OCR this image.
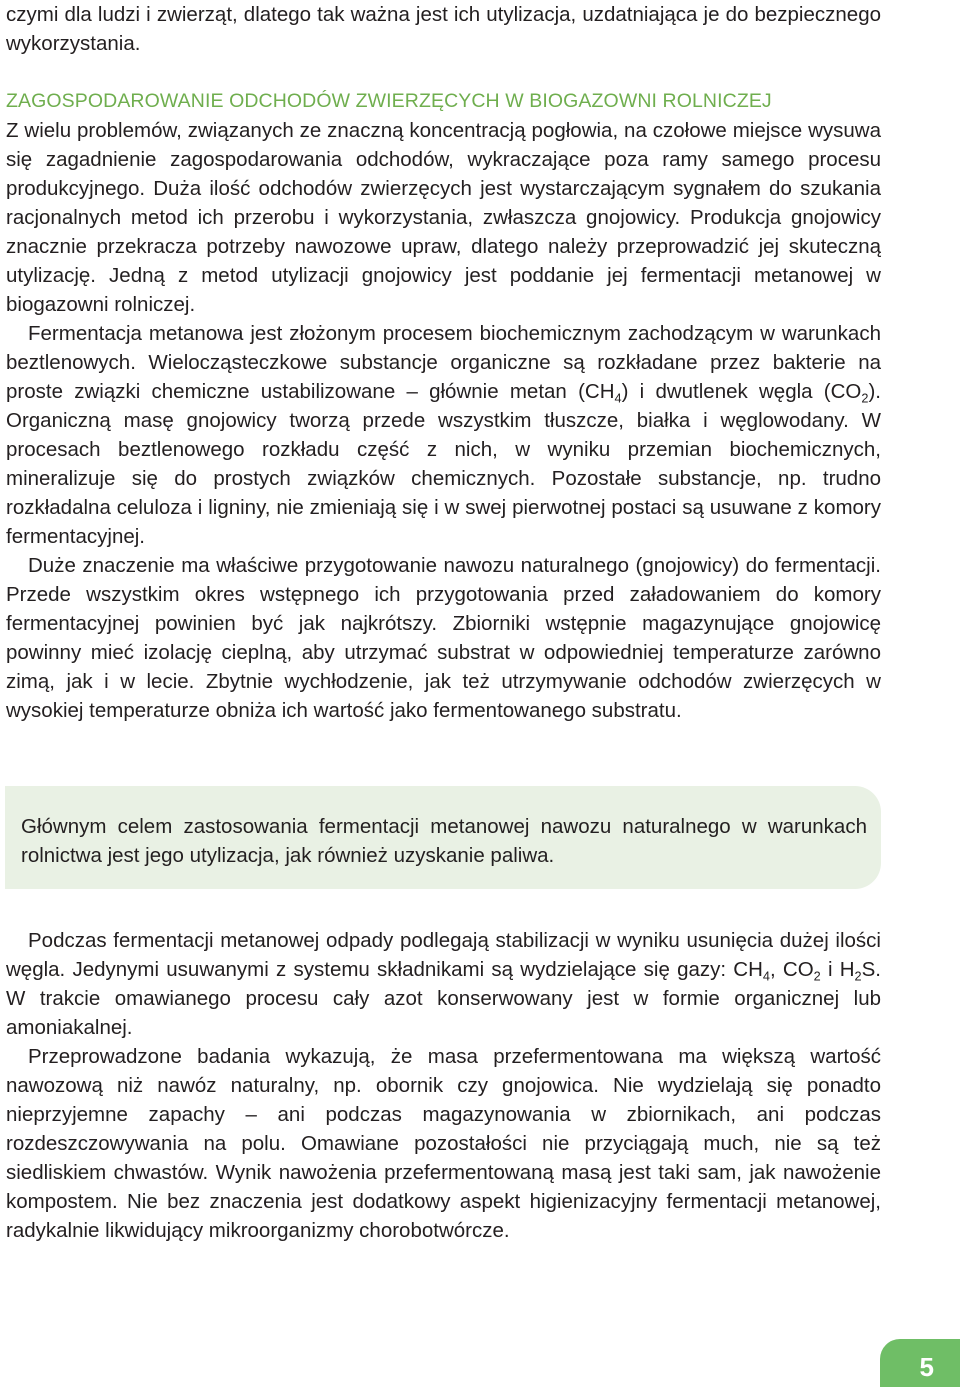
czymi dla ludzi i zwierząt, dlatego tak ważna jest ich utylizacja, uzdatniająca je do bezpiecznego wykorzystania.

ZAGOSPODAROWANIE ODCHODÓW ZWIERZĘCYCH W BIOGAZOWNI ROLNICZEJ

Z wielu problemów, związanych ze znaczną koncentracją pogłowia, na czołowe miejsce wysuwa się zagadnienie zagospodarowania odchodów, wykraczające poza ramy samego procesu produkcyjnego. Duża ilość odchodów zwierzęcych jest wystarczającym sygnałem do szukania racjonalnych metod ich przerobu i wykorzystania, zwłaszcza gnojowicy. Produkcja gnojowicy znacznie przekracza potrzeby nawozowe upraw, dlatego należy przeprowadzić jej skuteczną utylizację. Jedną z metod utylizacji gnojowicy jest poddanie jej fermentacji metanowej w biogazowni rolniczej.

Fermentacja metanowa jest złożonym procesem biochemicznym zachodzącym w warunkach beztlenowych. Wielocząsteczkowe substancje organiczne są rozkładane przez bakterie na proste związki chemiczne ustabilizowane – głównie metan $(CH_4)$ i dwutlenek węgla $(CO_2)$. Organiczną masę gnojowicy tworzą przede wszystkim tłuszcze, białka i węglowodany. W procesach beztlenowego rozkładu część z nich, w wyniku przemian biochemicznych, mineralizuje się do prostych związków chemicznych. Pozostałe substancje, np. trudno rozkładalna celuloza i ligniny, nie zmieniają się i w swej pierwotnej postaci są usuwane z komory fermentacyjnej.

Duże znaczenie ma właściwe przygotowanie nawozu naturalnego (gnojowicy) do fermentacji. Przede wszystkim okres wstępnego ich przygotowania przed załadowaniem do komory fermentacyjnej powinien być jak najkrótszy. Zbiorniki wstępnie magazynujące gnojowicę powinny mieć izolację cieplną, aby utrzymać substrat w odpowiedniej temperaturze zarówno zimą, jak i w lecie. Zbytnie wychłodzenie, jak też utrzymywanie odchodów zwierzęcych w wysokiej temperaturze obniża ich wartość jako fermentowanego substratu.

Głównym celem zastosowania fermentacji metanowej nawozu naturalnego w warunkach rolnictwa jest jego utylizacja, jak również uzyskanie paliwa.

Podczas fermentacji metanowej odpady podlegają stabilizacji w wyniku usunięcia dużej ilości węgla. Jedynymi usuwanymi z systemu składnikami są wydzielające się gazy: $CH_4$, $CO_2$ i $H_2S$. W trakcie omawianego procesu cały azot konserwowany jest w formie organicznej lub amoniakalnej.

Przeprowadzone badania wykazują, że masa przefermentowana ma większą wartość nawozową niż nawóz naturalny, np. obornik czy gnojowica. Nie wydzielają się ponadto nieprzyjemne zapachy – ani podczas magazynowania w zbiornikach, ani podczas rozdeszczowywania na polu. Omawiane pozostałości nie przyciągają much, nie są też siedliskiem chwastów. Wynik nawożenia przefermentowaną masą jest taki sam, jak nawożenie kompostem. Nie bez znaczenia jest dodatkowy aspekt higienizacyjny fermentacji metanowej, radykalnie likwidujący mikroorganizmy chorobotwórcze.

5
